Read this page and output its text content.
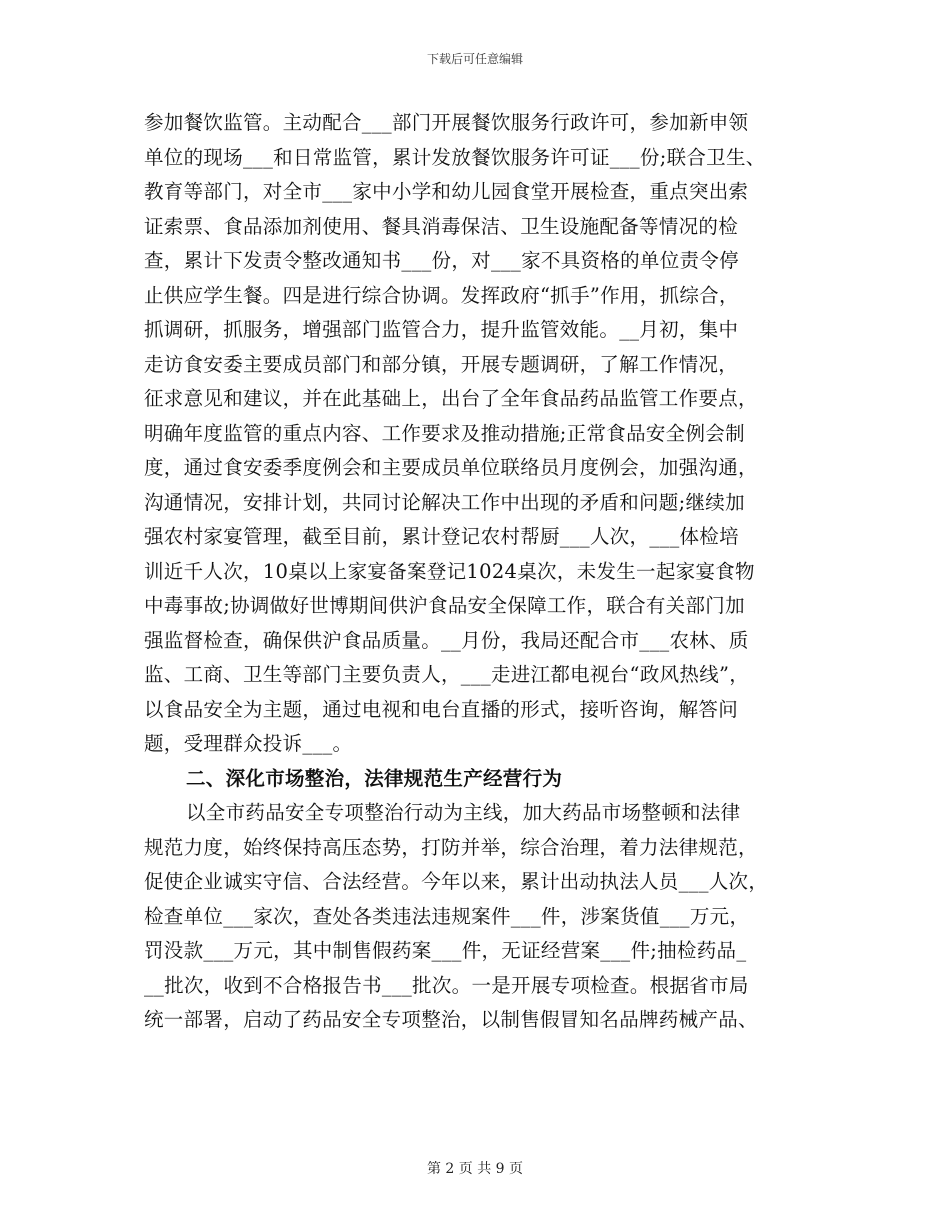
下载后可任意编辑
参加餐饮监管。主动配合___部门开展餐饮服务行政许可，参加新申领
单位的现场___和日常监管，累计发放餐饮服务许可证___份;联合卫生、
教育等部门，对全市___家中小学和幼儿园食堂开展检查，重点突出索
证索票、食品添加剂使用、餐具消毒保洁、卫生设施配备等情况的检
查，累计下发责令整改通知书___份，对___家不具资格的单位责令停
止供应学生餐。四是进行综合协调。发挥政府“抓手”作用，抓综合，
抓调研，抓服务，增强部门监管合力，提升监管效能。__月初，集中
走访食安委主要成员部门和部分镇，开展专题调研，了解工作情况，
征求意见和建议，并在此基础上，出台了全年食品药品监管工作要点，
明确年度监管的重点内容、工作要求及推动措施;正常食品安全例会制
度，通过食安委季度例会和主要成员单位联络员月度例会，加强沟通，
沟通情况，安排计划，共同讨论解决工作中出现的矛盾和问题;继续加
强农村家宴管理，截至目前，累计登记农村帮厨___人次，___体检培
训近千人次，10桌以上家宴备案登记1024桌次，未发生一起家宴食物
中毒事故;协调做好世博期间供沪食品安全保障工作，联合有关部门加
强监督检查，确保供沪食品质量。__月份，我局还配合市___农林、质
监、工商、卫生等部门主要负责人，___走进江都电视台“政风热线”，
以食品安全为主题，通过电视和电台直播的形式，接听咨询，解答问
题，受理群众投诉___。
二、深化市场整治，法律规范生产经营行为
以全市药品安全专项整治行动为主线，加大药品市场整顿和法律
规范力度，始终保持高压态势，打防并举，综合治理，着力法律规范，
促使企业诚实守信、合法经营。今年以来，累计出动执法人员___人次，
检查单位___家次，查处各类违法违规案件___件，涉案货值___万元，
罚没款___万元，其中制售假药案___件，无证经营案___件;抽检药品_
__批次，收到不合格报告书___批次。一是开展专项检查。根据省市局
统一部署，启动了药品安全专项整治，以制售假冒知名品牌药械产品、
第 2 页 共 9 页
